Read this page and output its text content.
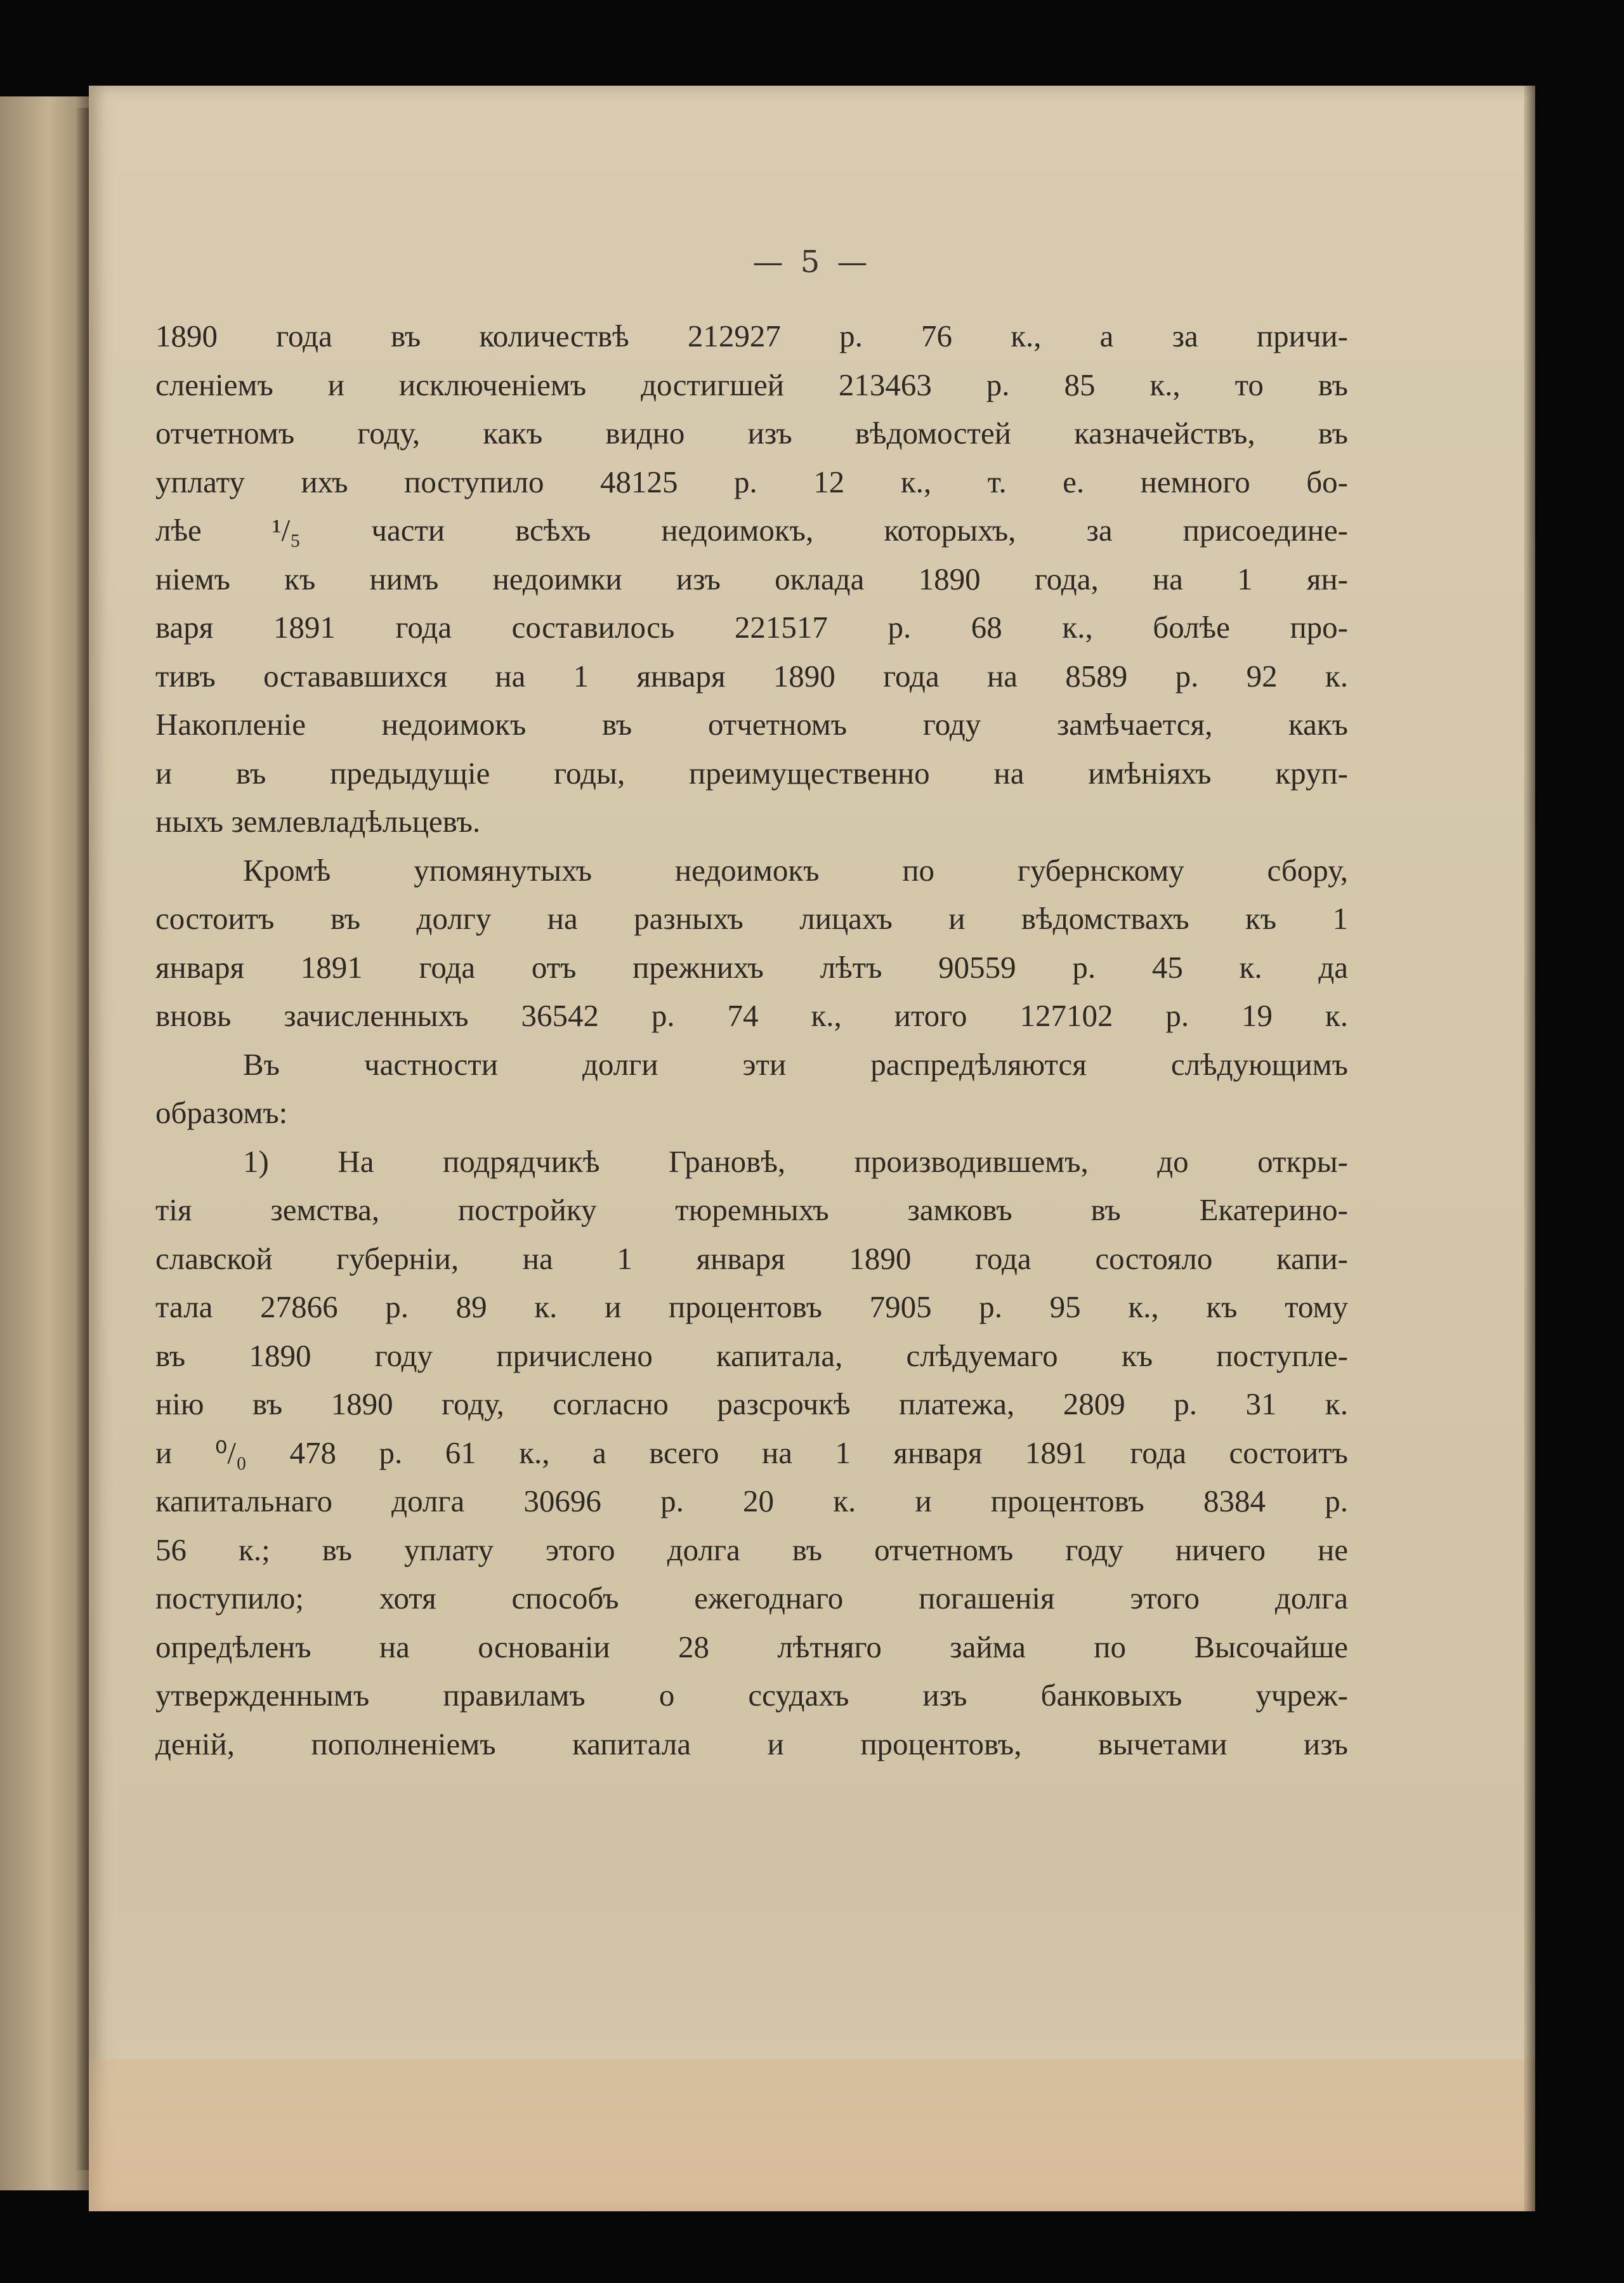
— 5 —
1890 года въ количествѣ 212927 р. 76 к., а за причи-
сленіемъ и исключеніемъ достигшей 213463 р. 85 к., то въ
отчетномъ году, какъ видно изъ вѣдомостей казначействъ, въ
уплату ихъ поступило 48125 р. 12 к., т. е. немного бо-
лѣе ¹/₅ части всѣхъ недоимокъ, которыхъ, за присоедине-
ніемъ къ нимъ недоимки изъ оклада 1890 года, на 1 ян-
варя 1891 года составилось 221517 р. 68 к., болѣе про-
тивъ остававшихся на 1 января 1890 года на 8589 р. 92 к.
Накопленіе недоимокъ въ отчетномъ году замѣчается, какъ
и въ предыдущіе годы, преимущественно на имѣніяхъ круп-
ныхъ землевладѣльцевъ.
Кромѣ упомянутыхъ недоимокъ по губернскому сбору,
состоитъ въ долгу на разныхъ лицахъ и вѣдомствахъ къ 1
января 1891 года отъ прежнихъ лѣтъ 90559 р. 45 к. да
вновь зачисленныхъ 36542 р. 74 к., итого 127102 р. 19 к.
Въ частности долги эти распредѣляются слѣдующимъ
образомъ:
1) На подрядчикѣ Грановѣ, производившемъ, до откры-
тія земства, постройку тюремныхъ замковъ въ Екатерино-
славской губерніи, на 1 января 1890 года состояло капи-
тала 27866 р. 89 к. и процентовъ 7905 р. 95 к., къ тому
въ 1890 году причислено капитала, слѣдуемаго къ поступле-
нію въ 1890 году, согласно разсрочкѣ платежа, 2809 р. 31 к.
и ⁰/₀ 478 р. 61 к., а всего на 1 января 1891 года состоитъ
капитальнаго долга 30696 р. 20 к. и процентовъ 8384 р.
56 к.; въ уплату этого долга въ отчетномъ году ничего не
поступило; хотя способъ ежегоднаго погашенія этого долга
опредѣленъ на основаніи 28 лѣтняго займа по Высочайше
утвержденнымъ правиламъ о ссудахъ изъ банковыхъ учреж-
деній, пополненіемъ капитала и процентовъ, вычетами изъ
